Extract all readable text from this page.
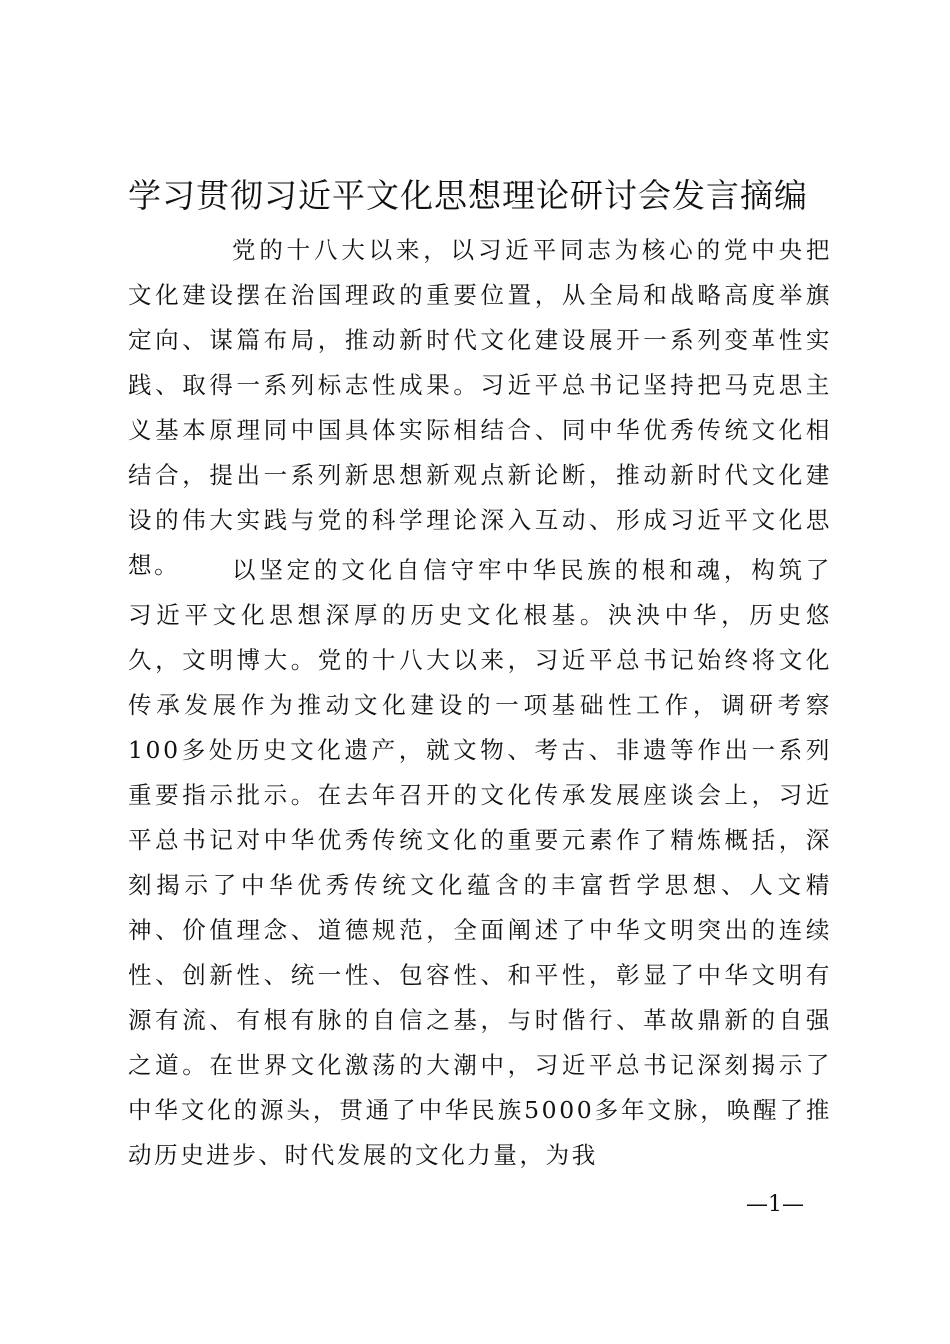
学习贯彻习近平文化思想理论研讨会发言摘编

党的十八大以来，以习近平同志为核心的党中央把文化建设摆在治国理政的重要位置，从全局和战略高度举旗定向、谋篇布局，推动新时代文化建设展开一系列变革性实践、取得一系列标志性成果。习近平总书记坚持把马克思主义基本原理同中国具体实际相结合、同中华优秀传统文化相结合，提出一系列新思想新观点新论断，推动新时代文化建设的伟大实践与党的科学理论深入互动、形成习近平文化思想。	以坚定的文化自信守牢中华民族的根和魂，构筑了习近平文化思想深厚的历史文化根基。泱泱中华，历史悠久，文明博大。党的十八大以来，习近平总书记始终将文化传承发展作为推动文化建设的一项基础性工作，调研考察100多处历史文化遗产，就文物、考古、非遗等作出一系列重要指示批示。在去年召开的文化传承发展座谈会上，习近平总书记对中华优秀传统文化的重要元素作了精炼概括，深刻揭示了中华优秀传统文化蕴含的丰富哲学思想、人文精神、价值理念、道德规范，全面阐述了中华文明突出的连续性、创新性、统一性、包容性、和平性，彰显了中华文明有源有流、有根有脉的自信之基，与时偕行、革故鼎新的自强之道。在世界文化激荡的大潮中，习近平总书记深刻揭示了中华文化的源头，贯通了中华民族5000多年文脉，唤醒了推动历史进步、时代发展的文化力量，为我

—1—
